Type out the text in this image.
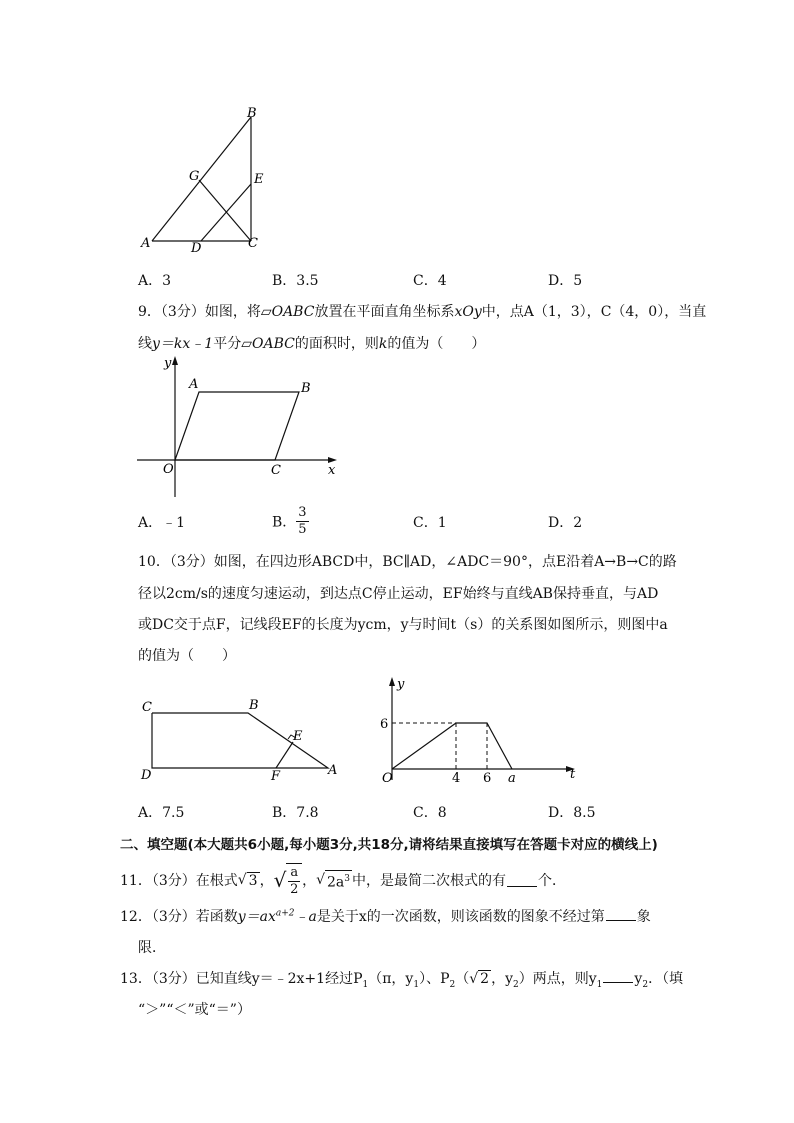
B
G	E
A	D	C
A．3	B．3.5	C．4	D．5
9．（3分）如图，将▱OABC放置在平面直角坐标系xOy中，点A（1，3），C（4，0），当直
线y＝kx﹣1平分▱OABC的面积时，则k的值为（　　）
y
A	B
O	C	x
A．﹣1	B． $\frac{3}{5}$	C．1	D．2
10．（3分）如图，在四边形ABCD中，BC∥AD，∠ADC＝90°，点E沿着A→B→C的路
径以2cm/s的速度匀速运动，到达点C停止运动，EF始终与直线AB保持垂直，与AD
或DC交于点F，记线段EF的长度为ycm，y与时间t（s）的关系图如图所示，则图中a
的值为（　　）
C	B
E
D	F	A
y
6
O	4 6 a	t
A．7.5	B．7.8	C．8	D．8.5
二、填空题(本大题共6小题,每小题3分,共18分,请将结果直接填写在答题卡对应的横线上)
11．（3分）在根式 √ 3 ， √ $\frac{a}{2}$ ， √ $2a^3$ 中，是最简二次根式的有 个．
12．（3分）若函数$y=ax^{a+2}﹣a$是关于x的一次函数，则该函数的图象不经过第 象
限．
13．（3分）已知直线y＝﹣2x+1经过$P_1(\pi$，$y_1$）、$P_2(√$ 2 ，$y_2$）两点，则$y_1$ $y_2$．（填
“＞”“＜”或“＝”）
